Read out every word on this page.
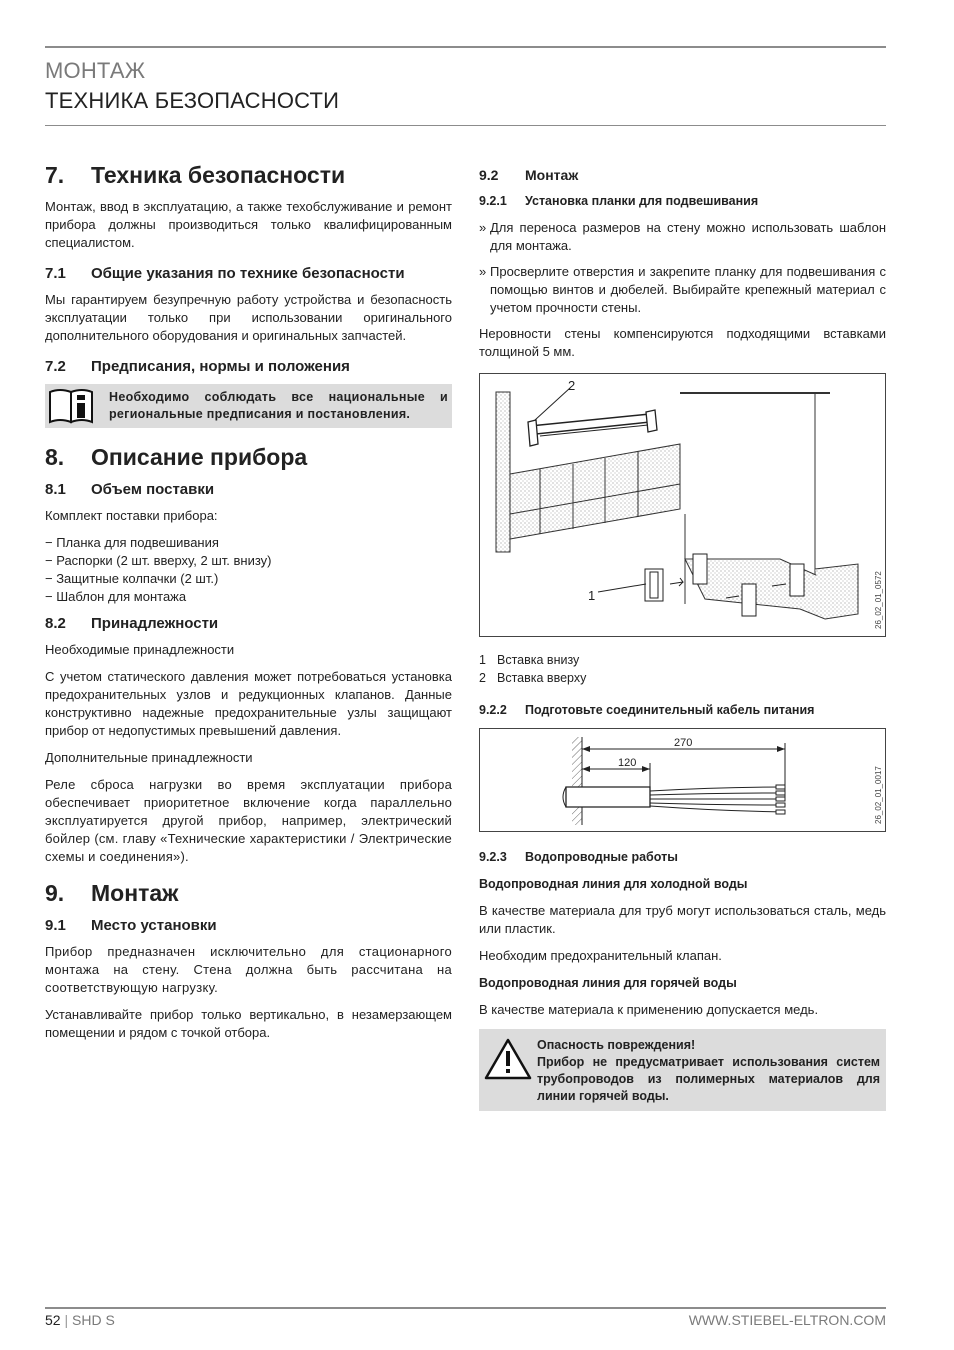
МОНТАЖ
ТЕХНИКА БЕЗОПАСНОСТИ
7. Техника безопасности

Монтаж, ввод в эксплуатацию, а также техобслуживание и ремонт прибора должны производиться только квалифицированным специалистом.

7.1 Общие указания по технике безопасности

Мы гарантируем безупречную работу устройства и безопасность эксплуатации только при использовании оригинального дополнительного оборудования и оригинальных запчастей.

7.2 Предписания, нормы и положения
Необходимо соблюдать все национальные и региональные предписания и постановления.
8. Описание прибора
8.1 Объем поставки

Комплект поставки прибора:

− Планка для подвешивания
− Распорки (2 шт. вверху, 2 шт. внизу)
− Защитные колпачки (2 шт.)
− Шаблон для монтажа
8.2 Принадлежности

Необходимые принадлежности

С учетом статического давления может потребоваться установка предохранительных узлов и редукционных клапанов. Данные конструктивно надежные предохранительные узлы защищают прибор от недопустимых превышений давления.

Дополнительные принадлежности

Реле сброса нагрузки во время эксплуатации прибора обеспечивает приоритетное включение когда параллельно эксплуатируется другой прибор, например, электрический бойлер (см. главу «Технические характеристики / Электрические схемы и соединения»).

9. Монтаж
9.1 Место установки

Прибор предназначен исключительно для стационарного монтажа на стену. Стена должна быть рассчитана на соответствующую нагрузку.

Устанавливайте прибор только вертикально, в незамерзающем помещении и рядом с точкой отбора.

9.2 Монтаж
9.2.1 Установка планки для подвешивания
» Для переноса размеров на стену можно использовать шаблон для монтажа.
» Просверлите отверстия и закрепите планку для подвешивания с помощью винтов и дюбелей. Выбирайте крепежный материал с учетом прочности стены.

Неровности стены компенсируются подходящими вставками толщиной 5 мм.

2
1	26_02_01_0572
1 Вставка внизу
2 Вставка вверху
9.2.2 Подготовьте соединительный кабель питания
270
120
26_02_01_0017
9.2.3 Водопроводные работы
Водопроводная линия для холодной воды

В качестве материала для труб могут использоваться сталь, медь или пластик.

Необходим предохранительный клапан.

Водопроводная линия для горячей воды

В качестве материала к применению допускается медь.

Опасность повреждения!
Прибор не предусматривает использования систем трубопроводов из полимерных материалов для линии горячей воды.
52 | SHD S	WWW.STIEBEL-ELTRON.COM
